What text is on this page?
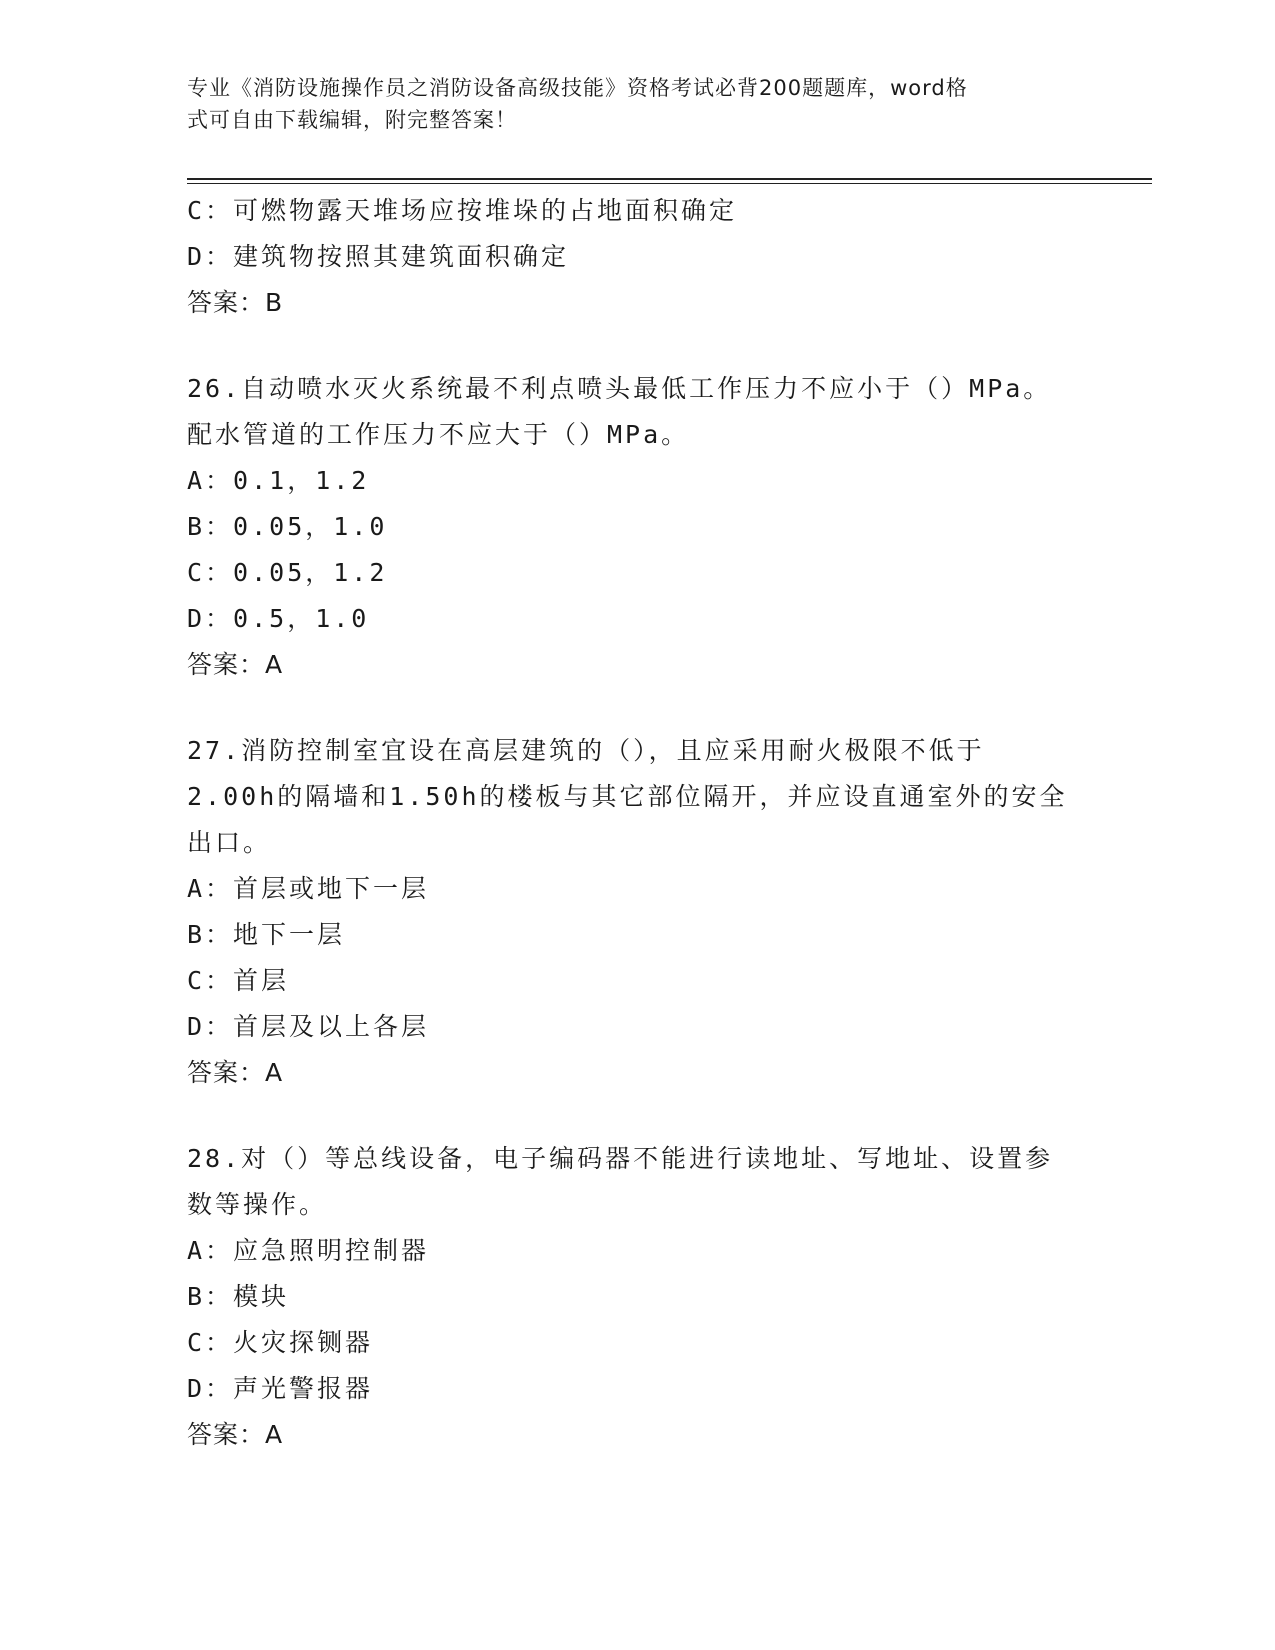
专业《消防设施操作员之消防设备高级技能》资格考试必背200题题库，word格
式可自由下载编辑，附完整答案！
C：可燃物露天堆场应按堆垛的占地面积确定
D：建筑物按照其建筑面积确定
答案：B
26.自动喷水灭火系统最不利点喷头最低工作压力不应小于（）MPa。
配水管道的工作压力不应大于（）MPa。
A：0.1，1.2
B：0.05，1.0
C：0.05，1.2
D：0.5，1.0
答案：A
27.消防控制室宜设在高层建筑的（），且应采用耐火极限不低于
2.00h的隔墙和1.50h的楼板与其它部位隔开，并应设直通室外的安全
出口。
A：首层或地下一层
B：地下一层
C：首层
D：首层及以上各层
答案：A
28.对（）等总线设备，电子编码器不能进行读地址、写地址、设置参
数等操作。
A：应急照明控制器
B：模块
C：火灾探铡器
D：声光警报器
答案：A
